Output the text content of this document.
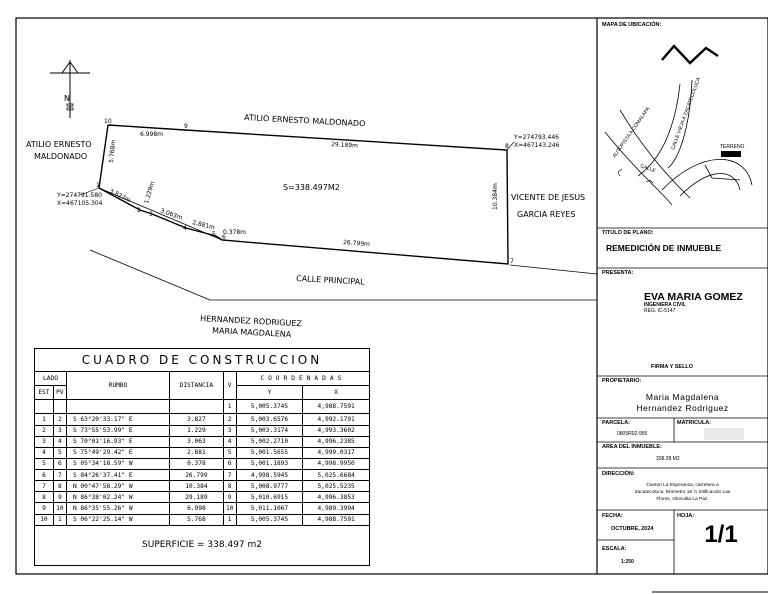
N
ATILIO ERNESTO MALDONADO
ATILIO ERNESTO
MALDONADO
VICENTE DE JESUS
GARCIA REYES
CALLE PRINCIPAL
HERNANDEZ RODRIGUEZ
MARIA MAGDALENA
S=338.497M2
Y=274793.446
X=467143.246
Y=274791.580
X=467105.304
10
9
8
7
6
5
4
3
2
1
6.998m
29.189m
10.384m
26.799m
0.378m
2.881m
3.063m
1.229m
3.827m
5.768m	AUTOPISTA A COMALAPA	CALLE VIEJA A ZACATECOLUCA
CALLE
TERRENO
CUADRO DE CONSTRUCCION						
LADO		RUMBO	DISTANCIA	V	COORDENADAS	
EST	PV				Y	X
				1	5,005.3745	4,988.7591
1	2	S 63°20'33.17" E	3.827	2	5,003.6576	4,992.1791
2	3	S 73°55'53.99" E	1.229	3	5,003.3174	4,993.3602
3	4	S 70°01'16.93" E	3.063	4	5,002.2710	4,996.2385
4	5	S 75°49'29.42" E	2.881	5	5,001.5655	4,999.0317
5	6	S 05°34'18.59" W	0.378	6	5,001.1893	4,998.9950
6	7	S 84°26'37.41" E	26.799	7	4,998.5945	5,025.6684
7	8	N 00°47'58.29" W	10.384	8	5,008.9777	5,025.5235
8	9	N 86°38'02.24" W	29.189	9	5,010.6915	4,996.3853
9	10	N 86°35'55.26" W	6.998	10	5,011.1067	4,989.3994
10	1	S 06°22'25.14" W	5.768	1	5,005.3745	4,988.7591
SUPERFICIE = 338.497 m2						
MAPA DE UBICACIÓN:
TITULO DE PLANO:
REMEDICIÓN DE INMUEBLE
PRESENTA:
EVA MARIA GOMEZ
INGENIERA CIVIL
REG. IC-5147
FIRMA Y SELLO
PROPIETARIO:
Maria Magdalena
Hernandez Rodriguez
PARCELA:
0805R02-955
MATRICULA:
AREA DEL INMUEBLE:
338.28 M2
DIRECCIÓN:
Canton La Esperanza, carretera a
Zacatecoluca, kilometro 18 ½ lotificación Las
Flores, Olocuilta La Paz.
FECHA:
OCTUBRE, 2024
HOJA:
1/1
ESCALA:
1:250
